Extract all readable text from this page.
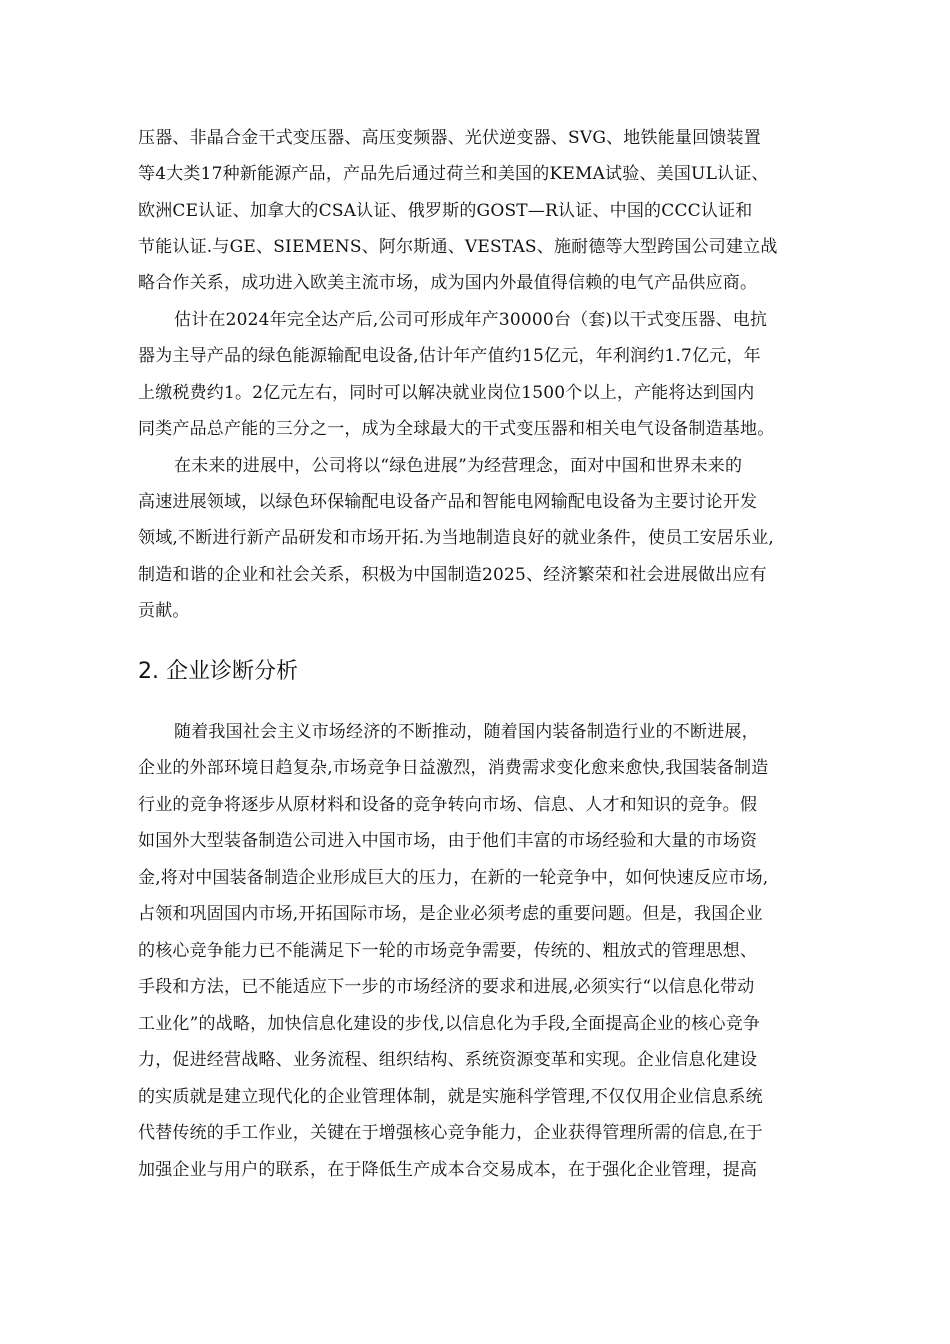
压器、非晶合金干式变压器、高压变频器、光伏逆变器、SVG、地铁能量回馈装置
等4大类17种新能源产品，产品先后通过荷兰和美国的KEMA试验、美国UL认证、
欧洲CE认证、加拿大的CSA认证、俄罗斯的GOST—R认证、中国的CCC认证和
节能认证.与GE、SIEMENS、阿尔斯通、VESTAS、施耐德等大型跨国公司建立战
略合作关系，成功进入欧美主流市场，成为国内外最值得信赖的电气产品供应商。
估计在2024年完全达产后,公司可形成年产30000台（套)以干式变压器、电抗
器为主导产品的绿色能源输配电设备,估计年产值约15亿元，年利润约1.7亿元，年
上缴税费约1。2亿元左右，同时可以解决就业岗位1500个以上，产能将达到国内
同类产品总产能的三分之一，成为全球最大的干式变压器和相关电气设备制造基地。
在未来的进展中，公司将以“绿色进展”为经营理念，面对中国和世界未来的
高速进展领域，以绿色环保输配电设备产品和智能电网输配电设备为主要讨论开发
领域,不断进行新产品研发和市场开拓.为当地制造良好的就业条件，使员工安居乐业,
制造和谐的企业和社会关系，积极为中国制造2025、经济繁荣和社会进展做出应有
贡献。
2. 企业诊断分析
随着我国社会主义市场经济的不断推动，随着国内装备制造行业的不断进展，
企业的外部环境日趋复杂,市场竞争日益激烈，消费需求变化愈来愈快,我国装备制造
行业的竞争将逐步从原材料和设备的竞争转向市场、信息、人才和知识的竞争。假
如国外大型装备制造公司进入中国市场，由于他们丰富的市场经验和大量的市场资
金,将对中国装备制造企业形成巨大的压力，在新的一轮竞争中，如何快速反应市场,
占领和巩固国内市场,开拓国际市场，是企业必须考虑的重要问题。但是，我国企业
的核心竞争能力已不能满足下一轮的市场竞争需要，传统的、粗放式的管理思想、
手段和方法，已不能适应下一步的市场经济的要求和进展,必须实行“以信息化带动
工业化”的战略，加快信息化建设的步伐,以信息化为手段,全面提高企业的核心竞争
力，促进经营战略、业务流程、组织结构、系统资源变革和实现。企业信息化建设
的实质就是建立现代化的企业管理体制，就是实施科学管理,不仅仅用企业信息系统
代替传统的手工作业，关键在于增强核心竞争能力，企业获得管理所需的信息,在于
加强企业与用户的联系，在于降低生产成本合交易成本，在于强化企业管理，提高
